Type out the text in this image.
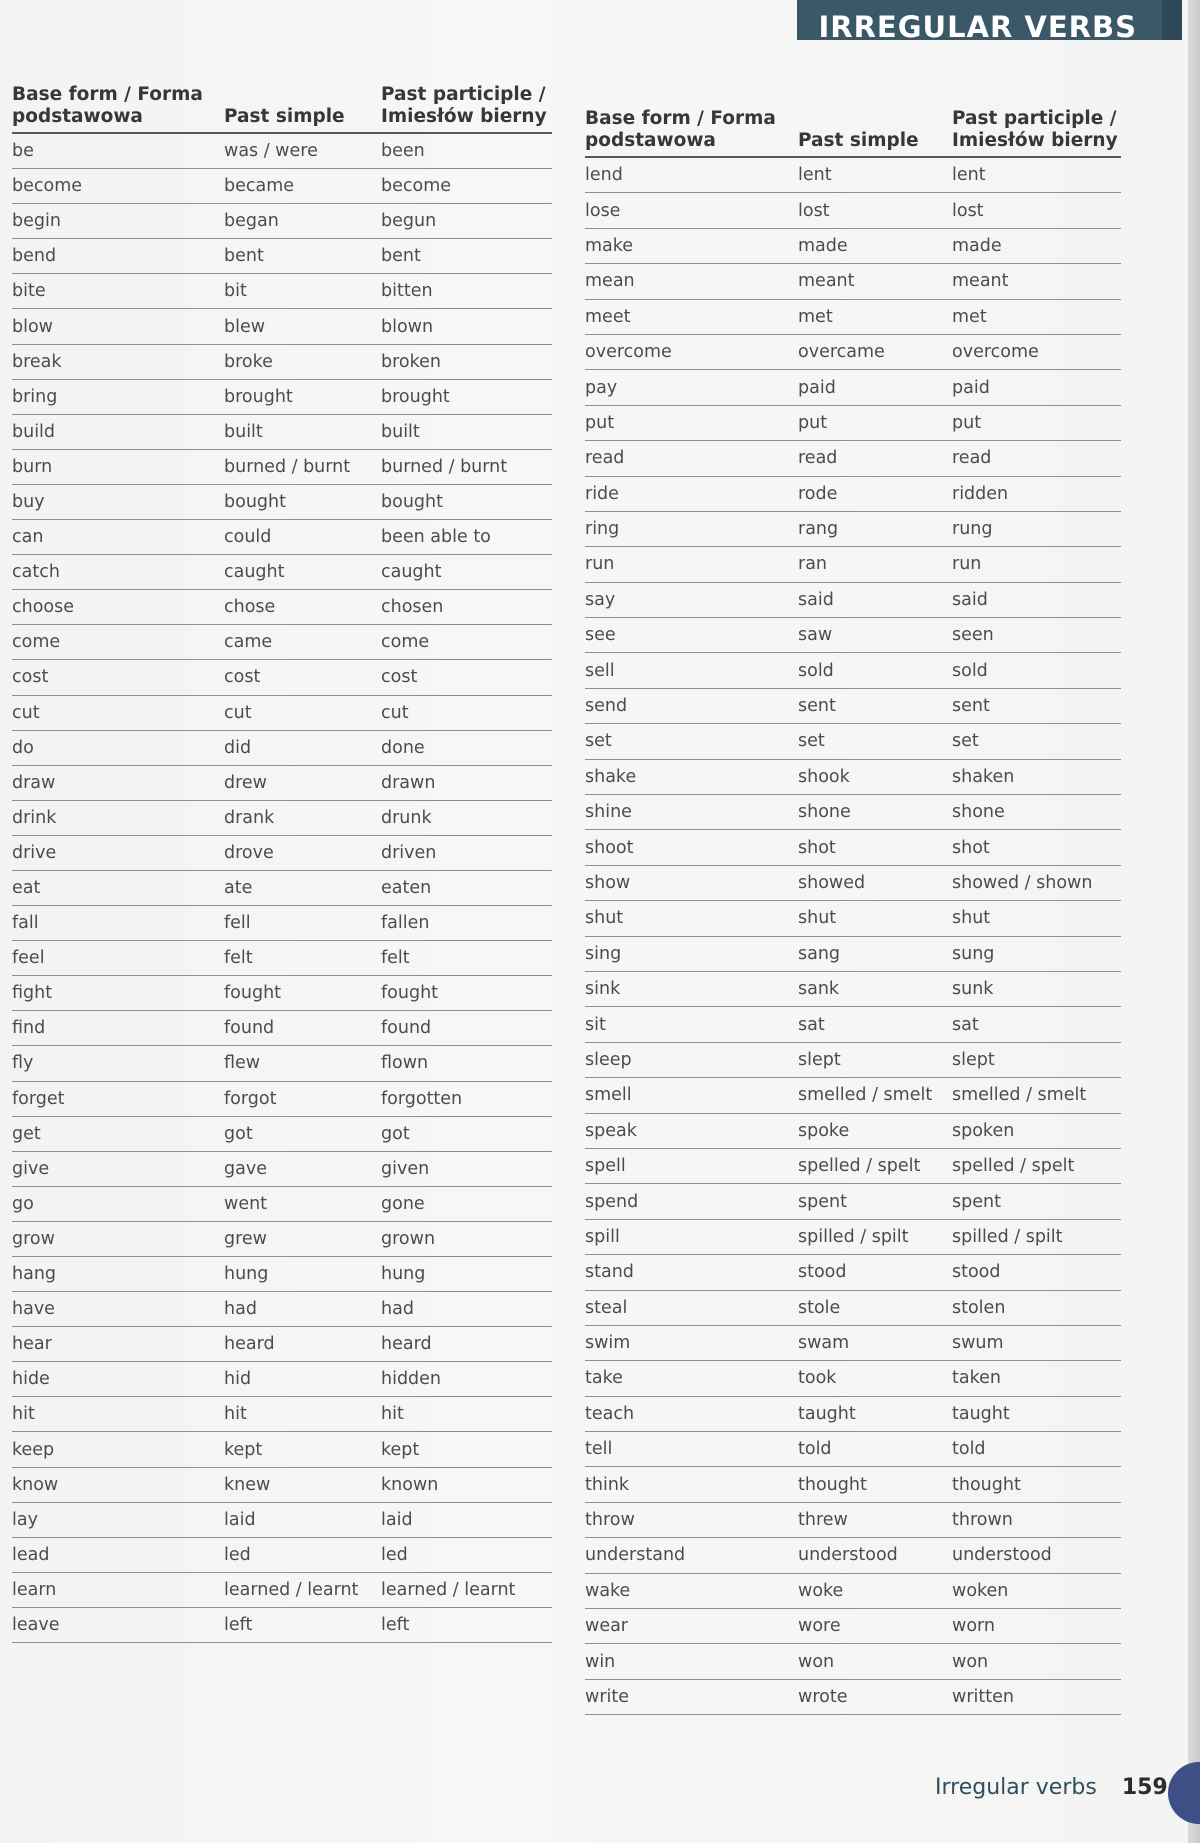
IRREGULAR VERBS
Base form / Forma podstawowa	Past simple	Past participle / Imiesłów bierny
be	was / were	been
become	became	become
begin	began	begun
bend	bent	bent
bite	bit	bitten
blow	blew	blown
break	broke	broken
bring	brought	brought
build	built	built
burn	burned / burnt	burned / burnt
buy	bought	bought
can	could	been able to
catch	caught	caught
choose	chose	chosen
come	came	come
cost	cost	cost
cut	cut	cut
do	did	done
draw	drew	drawn
drink	drank	drunk
drive	drove	driven
eat	ate	eaten
fall	fell	fallen
feel	felt	felt
fight	fought	fought
find	found	found
fly	flew	flown
forget	forgot	forgotten
get	got	got
give	gave	given
go	went	gone
grow	grew	grown
hang	hung	hung
have	had	had
hear	heard	heard
hide	hid	hidden
hit	hit	hit
keep	kept	kept
know	knew	known
lay	laid	laid
lead	led	led
learn	learned / learnt	learned / learnt
leave	left	left
Base form / Forma podstawowa	Past simple	Past participle / Imiesłów bierny
lend	lent	lent
lose	lost	lost
make	made	made
mean	meant	meant
meet	met	met
overcome	overcame	overcome
pay	paid	paid
put	put	put
read	read	read
ride	rode	ridden
ring	rang	rung
run	ran	run
say	said	said
see	saw	seen
sell	sold	sold
send	sent	sent
set	set	set
shake	shook	shaken
shine	shone	shone
shoot	shot	shot
show	showed	showed / shown
shut	shut	shut
sing	sang	sung
sink	sank	sunk
sit	sat	sat
sleep	slept	slept
smell	smelled / smelt	smelled / smelt
speak	spoke	spoken
spell	spelled / spelt	spelled / spelt
spend	spent	spent
spill	spilled / spilt	spilled / spilt
stand	stood	stood
steal	stole	stolen
swim	swam	swum
take	took	taken
teach	taught	taught
tell	told	told
think	thought	thought
throw	threw	thrown
understand	understood	understood
wake	woke	woken
wear	wore	worn
win	won	won
write	wrote	written
Irregular verbs 159
